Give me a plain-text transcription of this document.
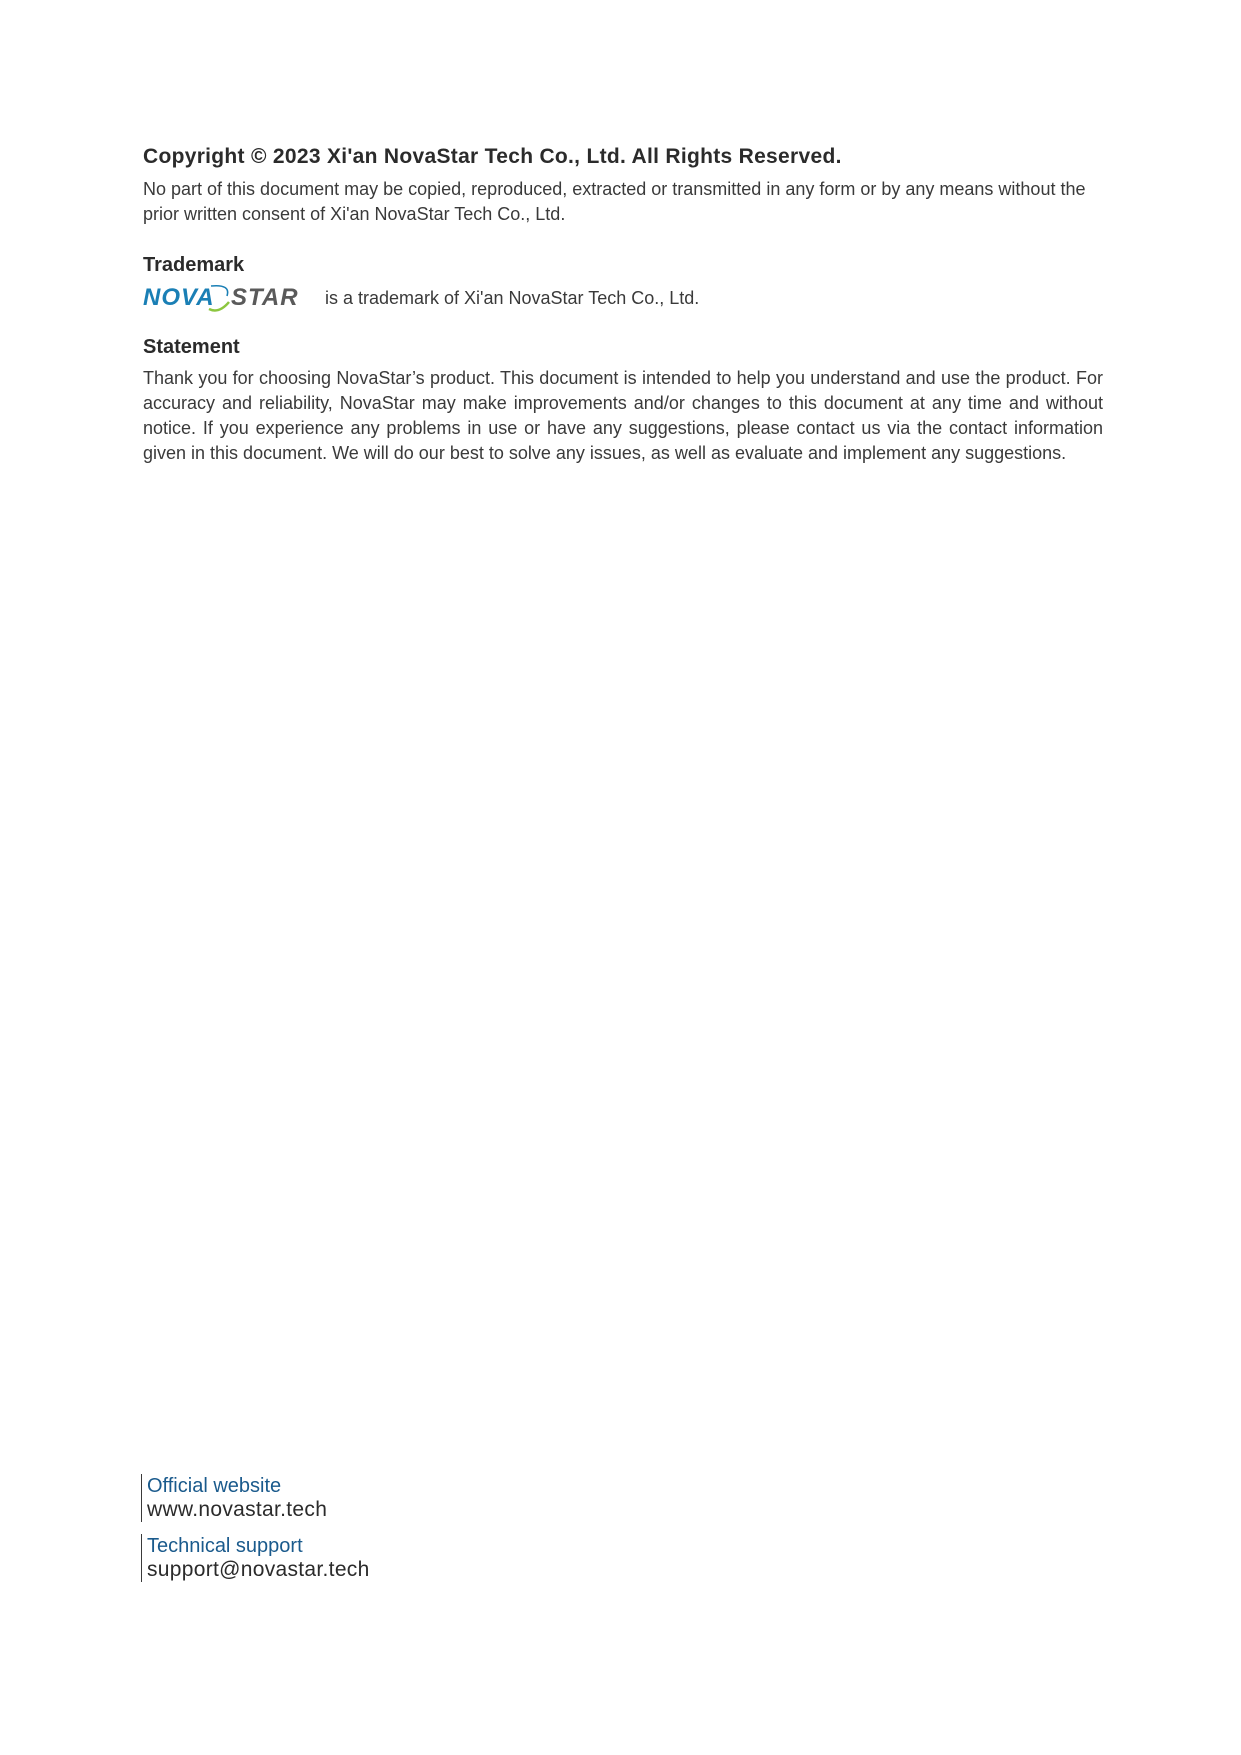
Copyright © 2023 Xi'an NovaStar Tech Co., Ltd. All Rights Reserved.

No part of this document may be copied, reproduced, extracted or transmitted in any form or by any means without the prior written consent of Xi'an NovaStar Tech Co., Ltd.

Trademark
NOVA STAR is a trademark of Xi'an NovaStar Tech Co., Ltd.
Statement

Thank you for choosing NovaStar’s product. This document is intended to help you understand and use the product. For accuracy and reliability, NovaStar may make improvements and/or changes to this document at any time and without notice. If you experience any problems in use or have any suggestions, please contact us via the contact information given in this document. We will do our best to solve any issues, as well as evaluate and implement any suggestions.

Official website
www.novastar.tech
Technical support
support@novastar.tech
